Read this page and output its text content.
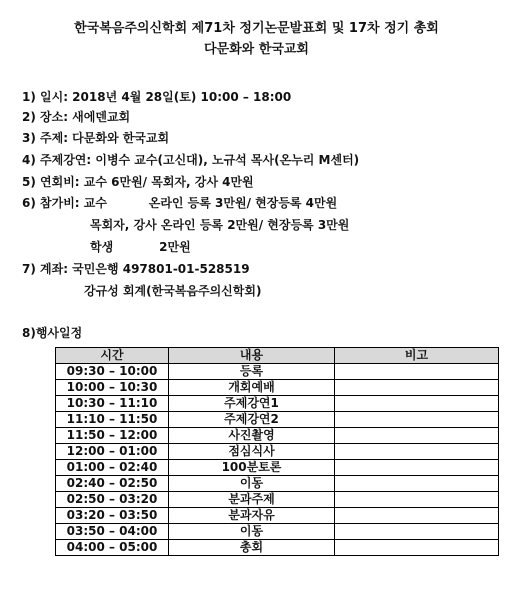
한국복음주의신학회 제71차 정기논문발표회 및 17차 정기 총회
다문화와 한국교회
1) 일시: 2018년 4월 28일(토) 10:00 – 18:00
2) 장소: 새에덴교회
3) 주제: 다문화와 한국교회
4) 주제강연: 이병수 교수(고신대), 노규석 목사(온누리 M센터)
5) 연회비: 교수 6만원/ 목회자, 강사 4만원
6) 참가비: 교수          온라인 등록 3만원/ 현장등록 4만원
목회자, 강사 온라인 등록 2만원/ 현장등록 3만원
학생           2만원
7) 계좌: 국민은행 497801-01-528519
강규성 회계(한국복음주의신학회)
8)행사일정
시간	내용	비고
09:30 – 10:00	등록	
10:00 – 10:30	개회예배	
10:30 – 11:10	주제강연1	
11:10 – 11:50	주제강연2	
11:50 – 12:00	사진촬영	
12:00 – 01:00	점심식사	
01:00 – 02:40	100분토론	
02:40 – 02:50	이동	
02:50 – 03:20	분과주제	
03:20 – 03:50	분과자유	
03:50 – 04:00	이동	
04:00 – 05:00	총회	
